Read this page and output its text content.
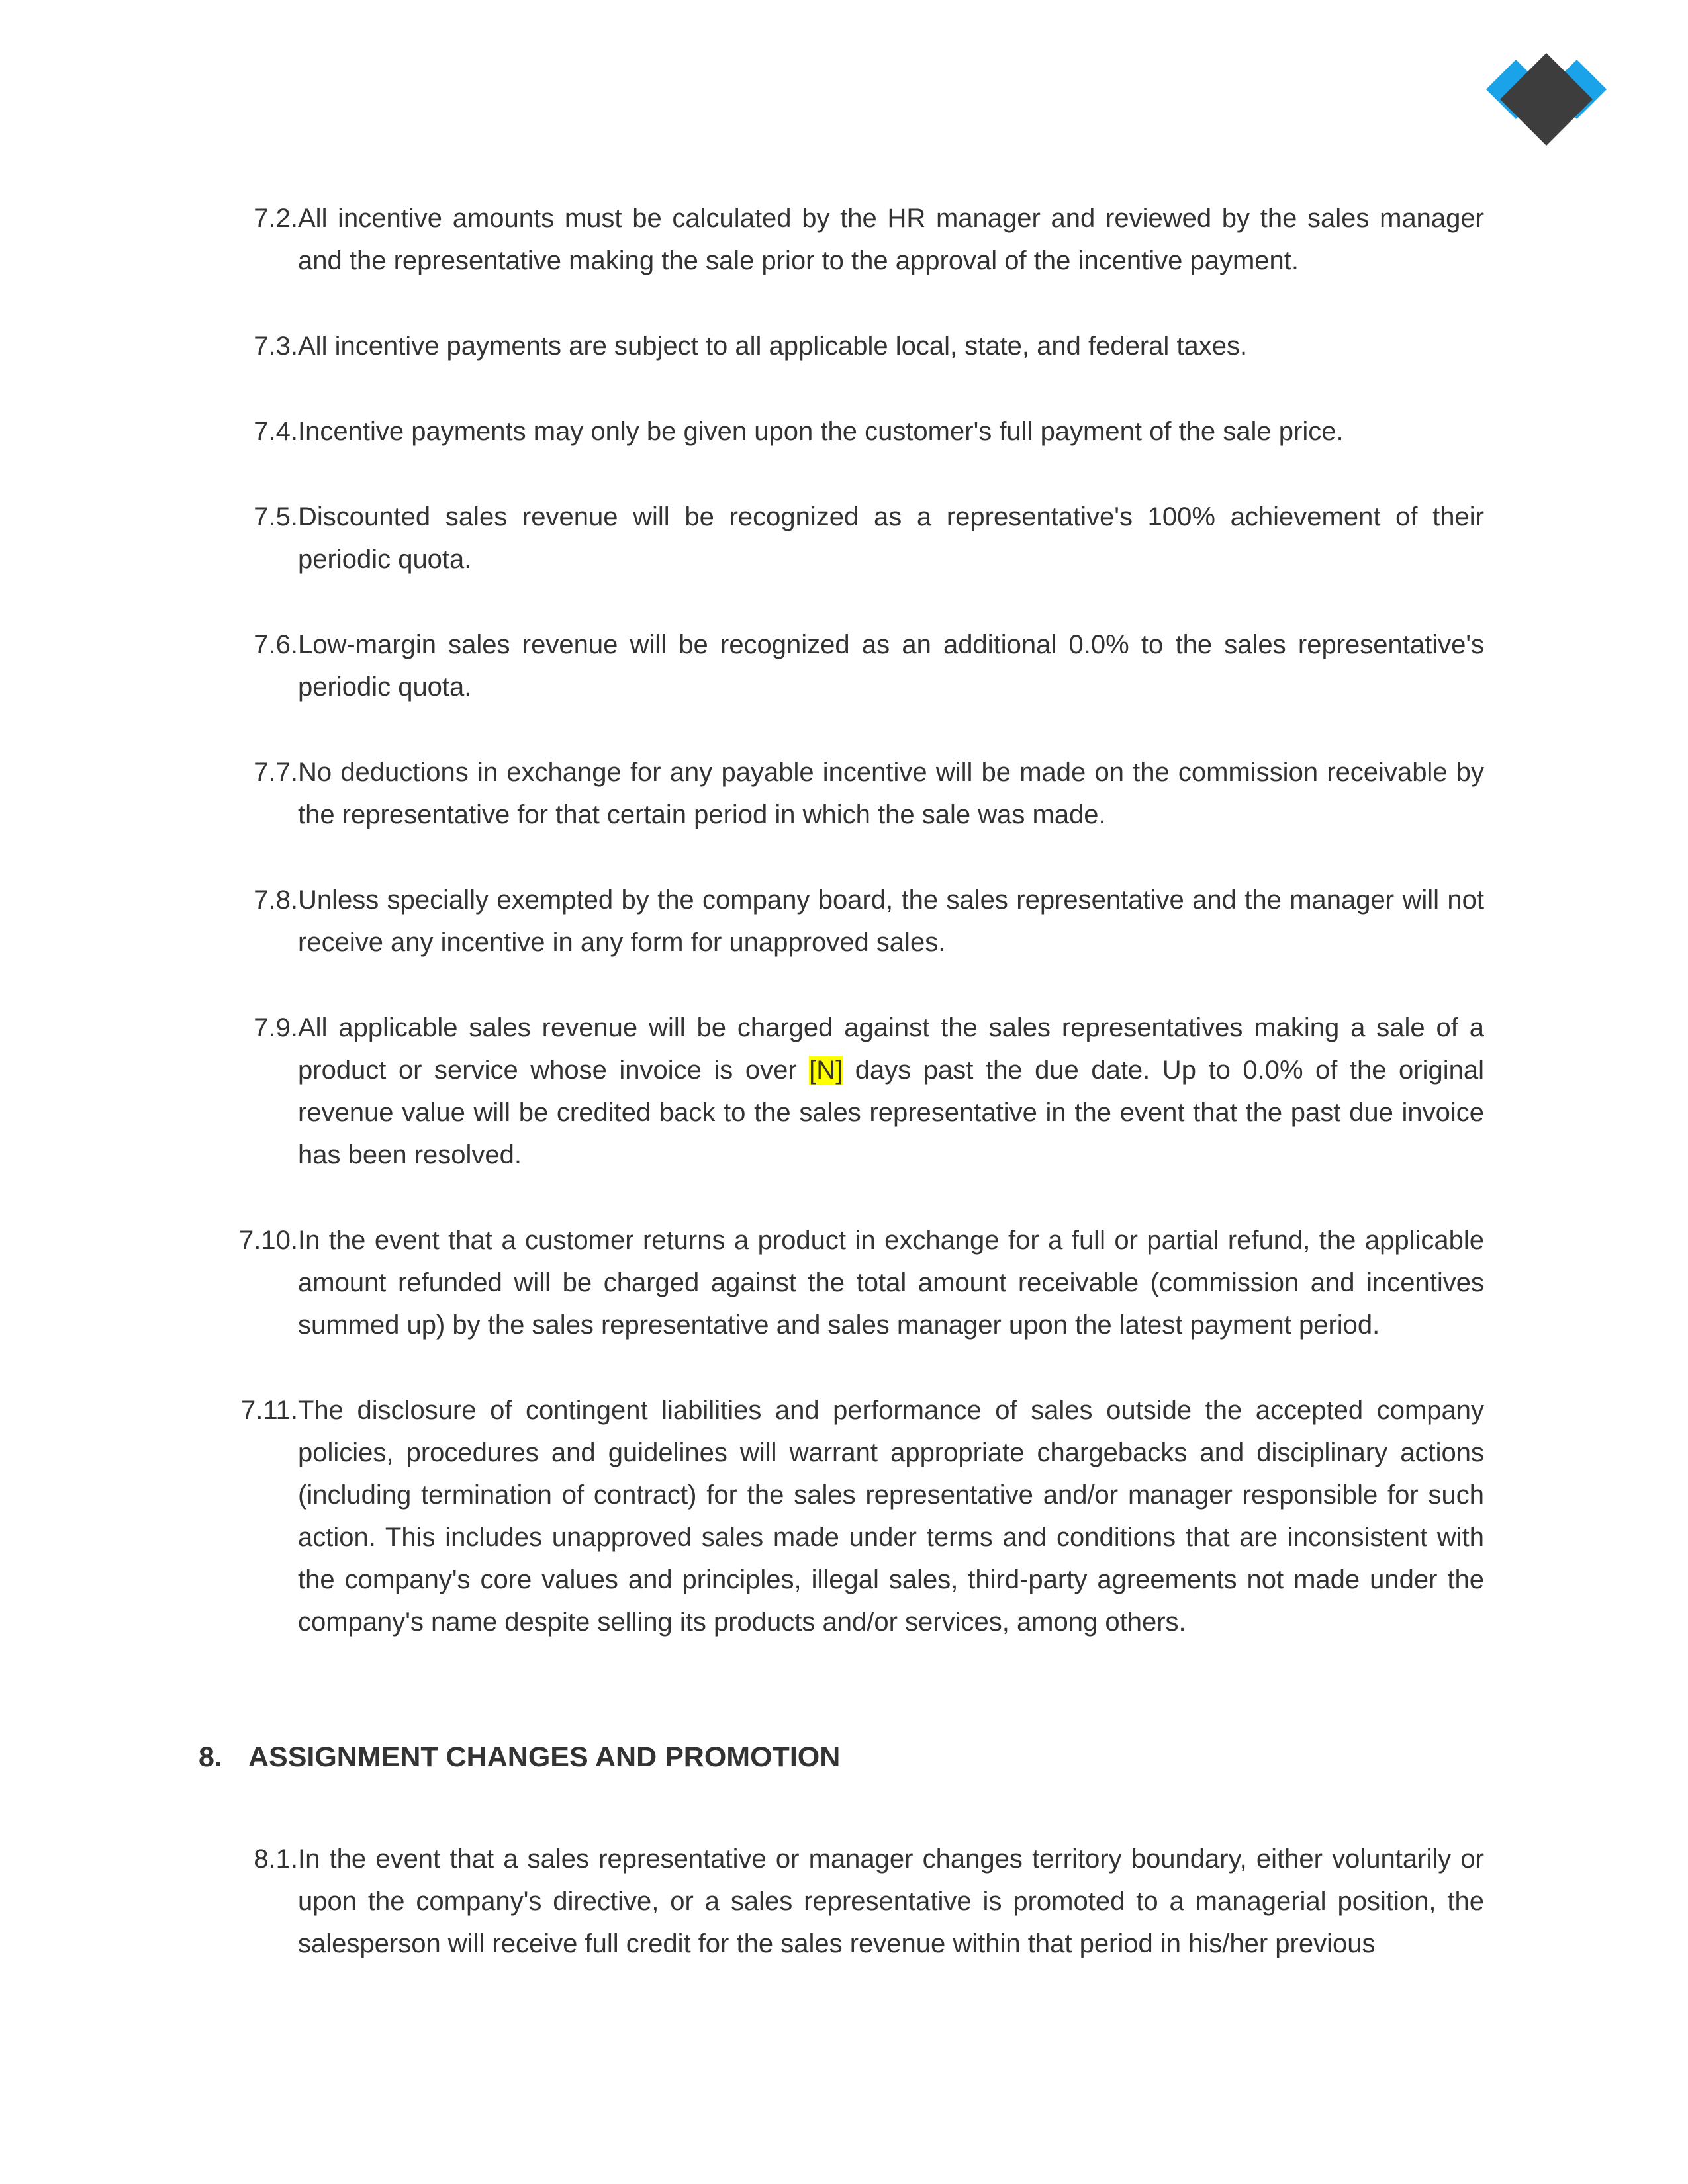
7.2. All incentive amounts must be calculated by the HR manager and reviewed by the sales manager and the representative making the sale prior to the approval of the incentive payment.
7.3. All incentive payments are subject to all applicable local, state, and federal taxes.
7.4. Incentive payments may only be given upon the customer's full payment of the sale price.
7.5. Discounted sales revenue will be recognized as a representative's 100% achievement of their periodic quota.
7.6. Low-margin sales revenue will be recognized as an additional 0.0% to the sales representative's periodic quota.
7.7. No deductions in exchange for any payable incentive will be made on the commission receivable by the representative for that certain period in which the sale was made.
7.8. Unless specially exempted by the company board, the sales representative and the manager will not receive any incentive in any form for unapproved sales.
7.9. All applicable sales revenue will be charged against the sales representatives making a sale of a product or service whose invoice is over [N] days past the due date. Up to 0.0% of the original revenue value will be credited back to the sales representative in the event that the past due invoice has been resolved.
7.10. In the event that a customer returns a product in exchange for a full or partial refund, the applicable amount refunded will be charged against the total amount receivable (commission and incentives summed up) by the sales representative and sales manager upon the latest payment period.
7.11. The disclosure of contingent liabilities and performance of sales outside the accepted company policies, procedures and guidelines will warrant appropriate chargebacks and disciplinary actions (including termination of contract) for the sales representative and/or manager responsible for such action. This includes unapproved sales made under terms and conditions that are inconsistent with the company's core values and principles, illegal sales, third-party agreements not made under the company's name despite selling its products and/or services, among others.
8. ASSIGNMENT CHANGES AND PROMOTION
8.1. In the event that a sales representative or manager changes territory boundary, either voluntarily or upon the company's directive, or a sales representative is promoted to a managerial position, the salesperson will receive full credit for the sales revenue within that period in his/her previous
